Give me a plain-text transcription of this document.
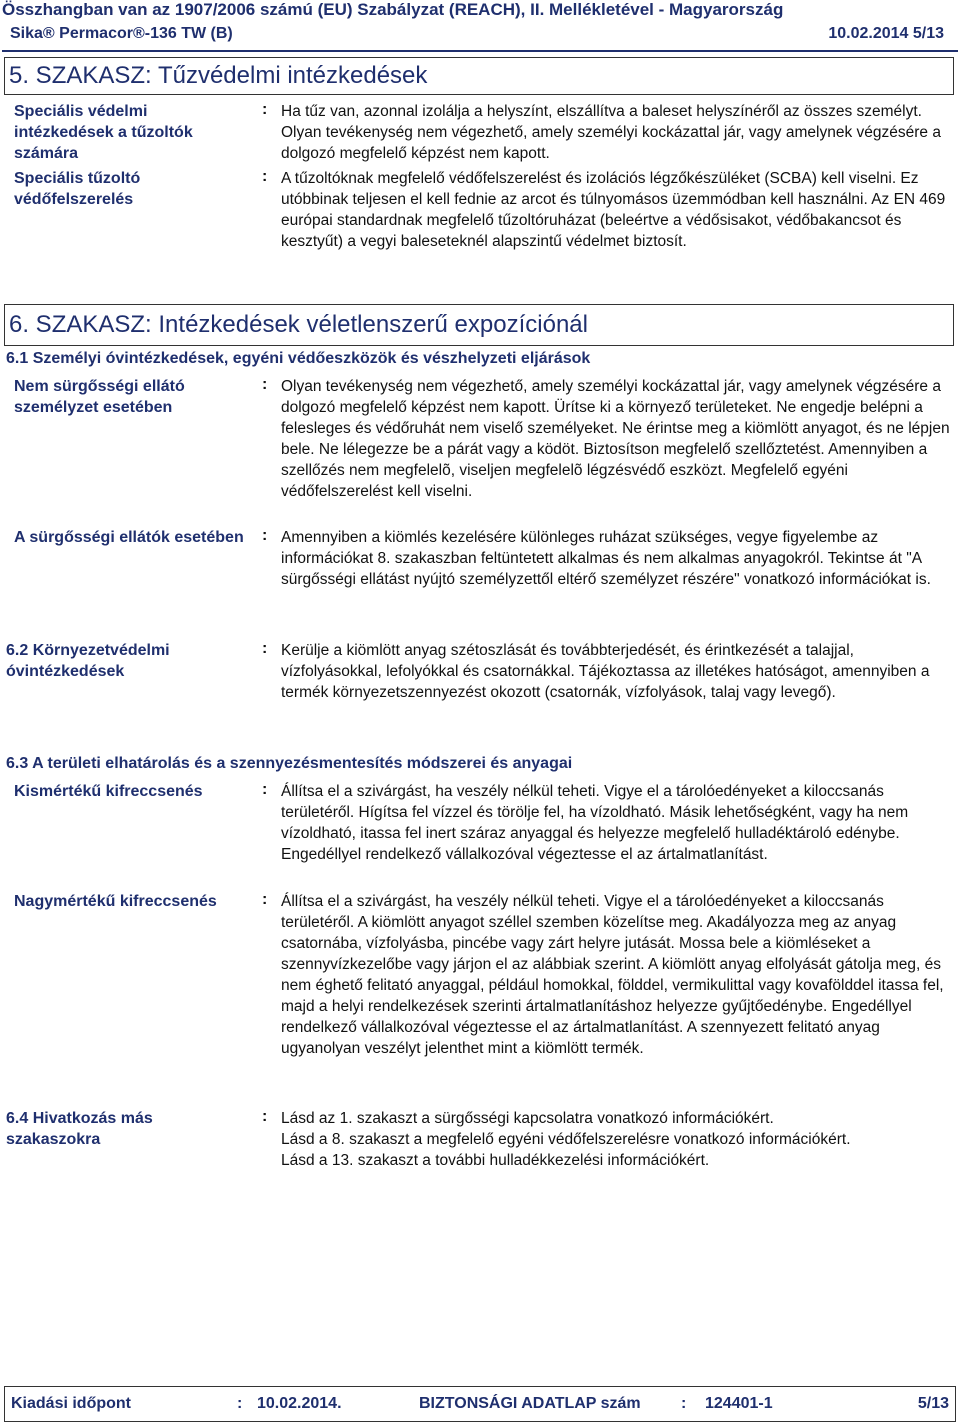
Összhangban van az 1907/2006 számú (EU) Szabályzat (REACH), II. Mellékletével - Magyarország
Sika® Permacor®-136 TW (B)	10.02.2014 5/13
5. SZAKASZ: Tűzvédelmi intézkedések
Speciális védelmi intézkedések a tűzoltók számára
: Ha tűz van, azonnal izolálja a helyszínt, elszállítva a baleset helyszínéről az összes személyt. Olyan tevékenység nem végezhető, amely személyi kockázattal jár, vagy amelynek végzésére a dolgozó megfelelő képzést nem kapott.
Speciális tűzoltó védőfelszerelés
: A tűzoltóknak megfelelő védőfelszerelést és izolációs légzőkészüléket (SCBA) kell viselni. Ez utóbbinak teljesen el kell fednie az arcot és túlnyomásos üzemmódban kell használni. Az EN 469 európai standardnak megfelelő tűzoltóruházat (beleértve a védősisakot, védőbakancsot és kesztyűt) a vegyi baleseteknél alapszintű védelmet biztosít.
6. SZAKASZ: Intézkedések véletlenszerű expozíciónál
6.1 Személyi óvintézkedések, egyéni védőeszközök és vészhelyzeti eljárások
Nem sürgősségi ellátó személyzet esetében
: Olyan tevékenység nem végezhető, amely személyi kockázattal jár, vagy amelynek végzésére a dolgozó megfelelő képzést nem kapott. Ürítse ki a környező területeket. Ne engedje belépni a felesleges és védőruhát nem viselő személyeket. Ne érintse meg a kiömlött anyagot, és ne lépjen bele. Ne lélegezze be a párát vagy a ködöt. Biztosítson megfelelő szellőztetést. Amennyiben a szellőzés nem megfelelõ, viseljen megfelelõ légzésvédő eszközt. Megfelelő egyéni védőfelszerelést kell viselni.
A sürgősségi ellátók esetében : Amennyiben a kiömlés kezelésére különleges ruházat szükséges, vegye figyelembe az információkat 8. szakaszban feltüntetett alkalmas és nem alkalmas anyagokról. Tekintse át "A sürgősségi ellátást nyújtó személyzettől eltérő személyzet részére" vonatkozó információkat is.
6.2 Környezetvédelmi óvintézkedések
: Kerülje a kiömlött anyag szétoszlását és továbbterjedését, és érintkezését a talajjal, vízfolyásokkal, lefolyókkal és csatornákkal. Tájékoztassa az illetékes hatóságot, amennyiben a termék környezetszennyezést okozott (csatornák, vízfolyások, talaj vagy levegő).
6.3 A területi elhatárolás és a szennyezésmentesítés módszerei és anyagai
Kismértékű kifreccsenés	: Állítsa el a szivárgást, ha veszély nélkül teheti. Vigye el a tárolóedényeket a kiloccsanás területéről. Hígítsa fel vízzel és törölje fel, ha vízoldható. Másik lehetőségként, vagy ha nem vízoldható, itassa fel inert száraz anyaggal és helyezze megfelelő hulladéktároló edénybe. Engedéllyel rendelkező vállalkozóval végeztesse el az ártalmatlanítást.
Nagymértékű kifreccsenés	: Állítsa el a szivárgást, ha veszély nélkül teheti. Vigye el a tárolóedényeket a kiloccsanás területéről. A kiömlött anyagot széllel szemben közelítse meg. Akadályozza meg az anyag csatornába, vízfolyásba, pincébe vagy zárt helyre jutását. Mossa bele a kiömléseket a szennyvízkezelőbe vagy járjon el az alábbiak szerint. A kiömlött anyag elfolyását gátolja meg, és nem éghető felitató anyaggal, például homokkal, földdel, vermikulittal vagy kovafölddel itassa fel, majd a helyi rendelkezések szerinti ártalmatlanításhoz helyezze gyűjtőedénybe. Engedéllyel rendelkező vállalkozóval végeztesse el az ártalmatlanítást. A szennyezett felitató anyag ugyanolyan veszélyt jelenthet mint a kiömlött termék.
6.4 Hivatkozás más szakaszokra
: Lásd az 1. szakaszt a sürgősségi kapcsolatra vonatkozó információkért.
Lásd a 8. szakaszt a megfelelő egyéni védőfelszerelésre vonatkozó információkért.
Lásd a 13. szakaszt a további hulladékkezelési információkért.
Kiadási időpont	: 10.02.2014.	BIZTONSÁGI ADATLAP szám	: 124401-1	5/13
